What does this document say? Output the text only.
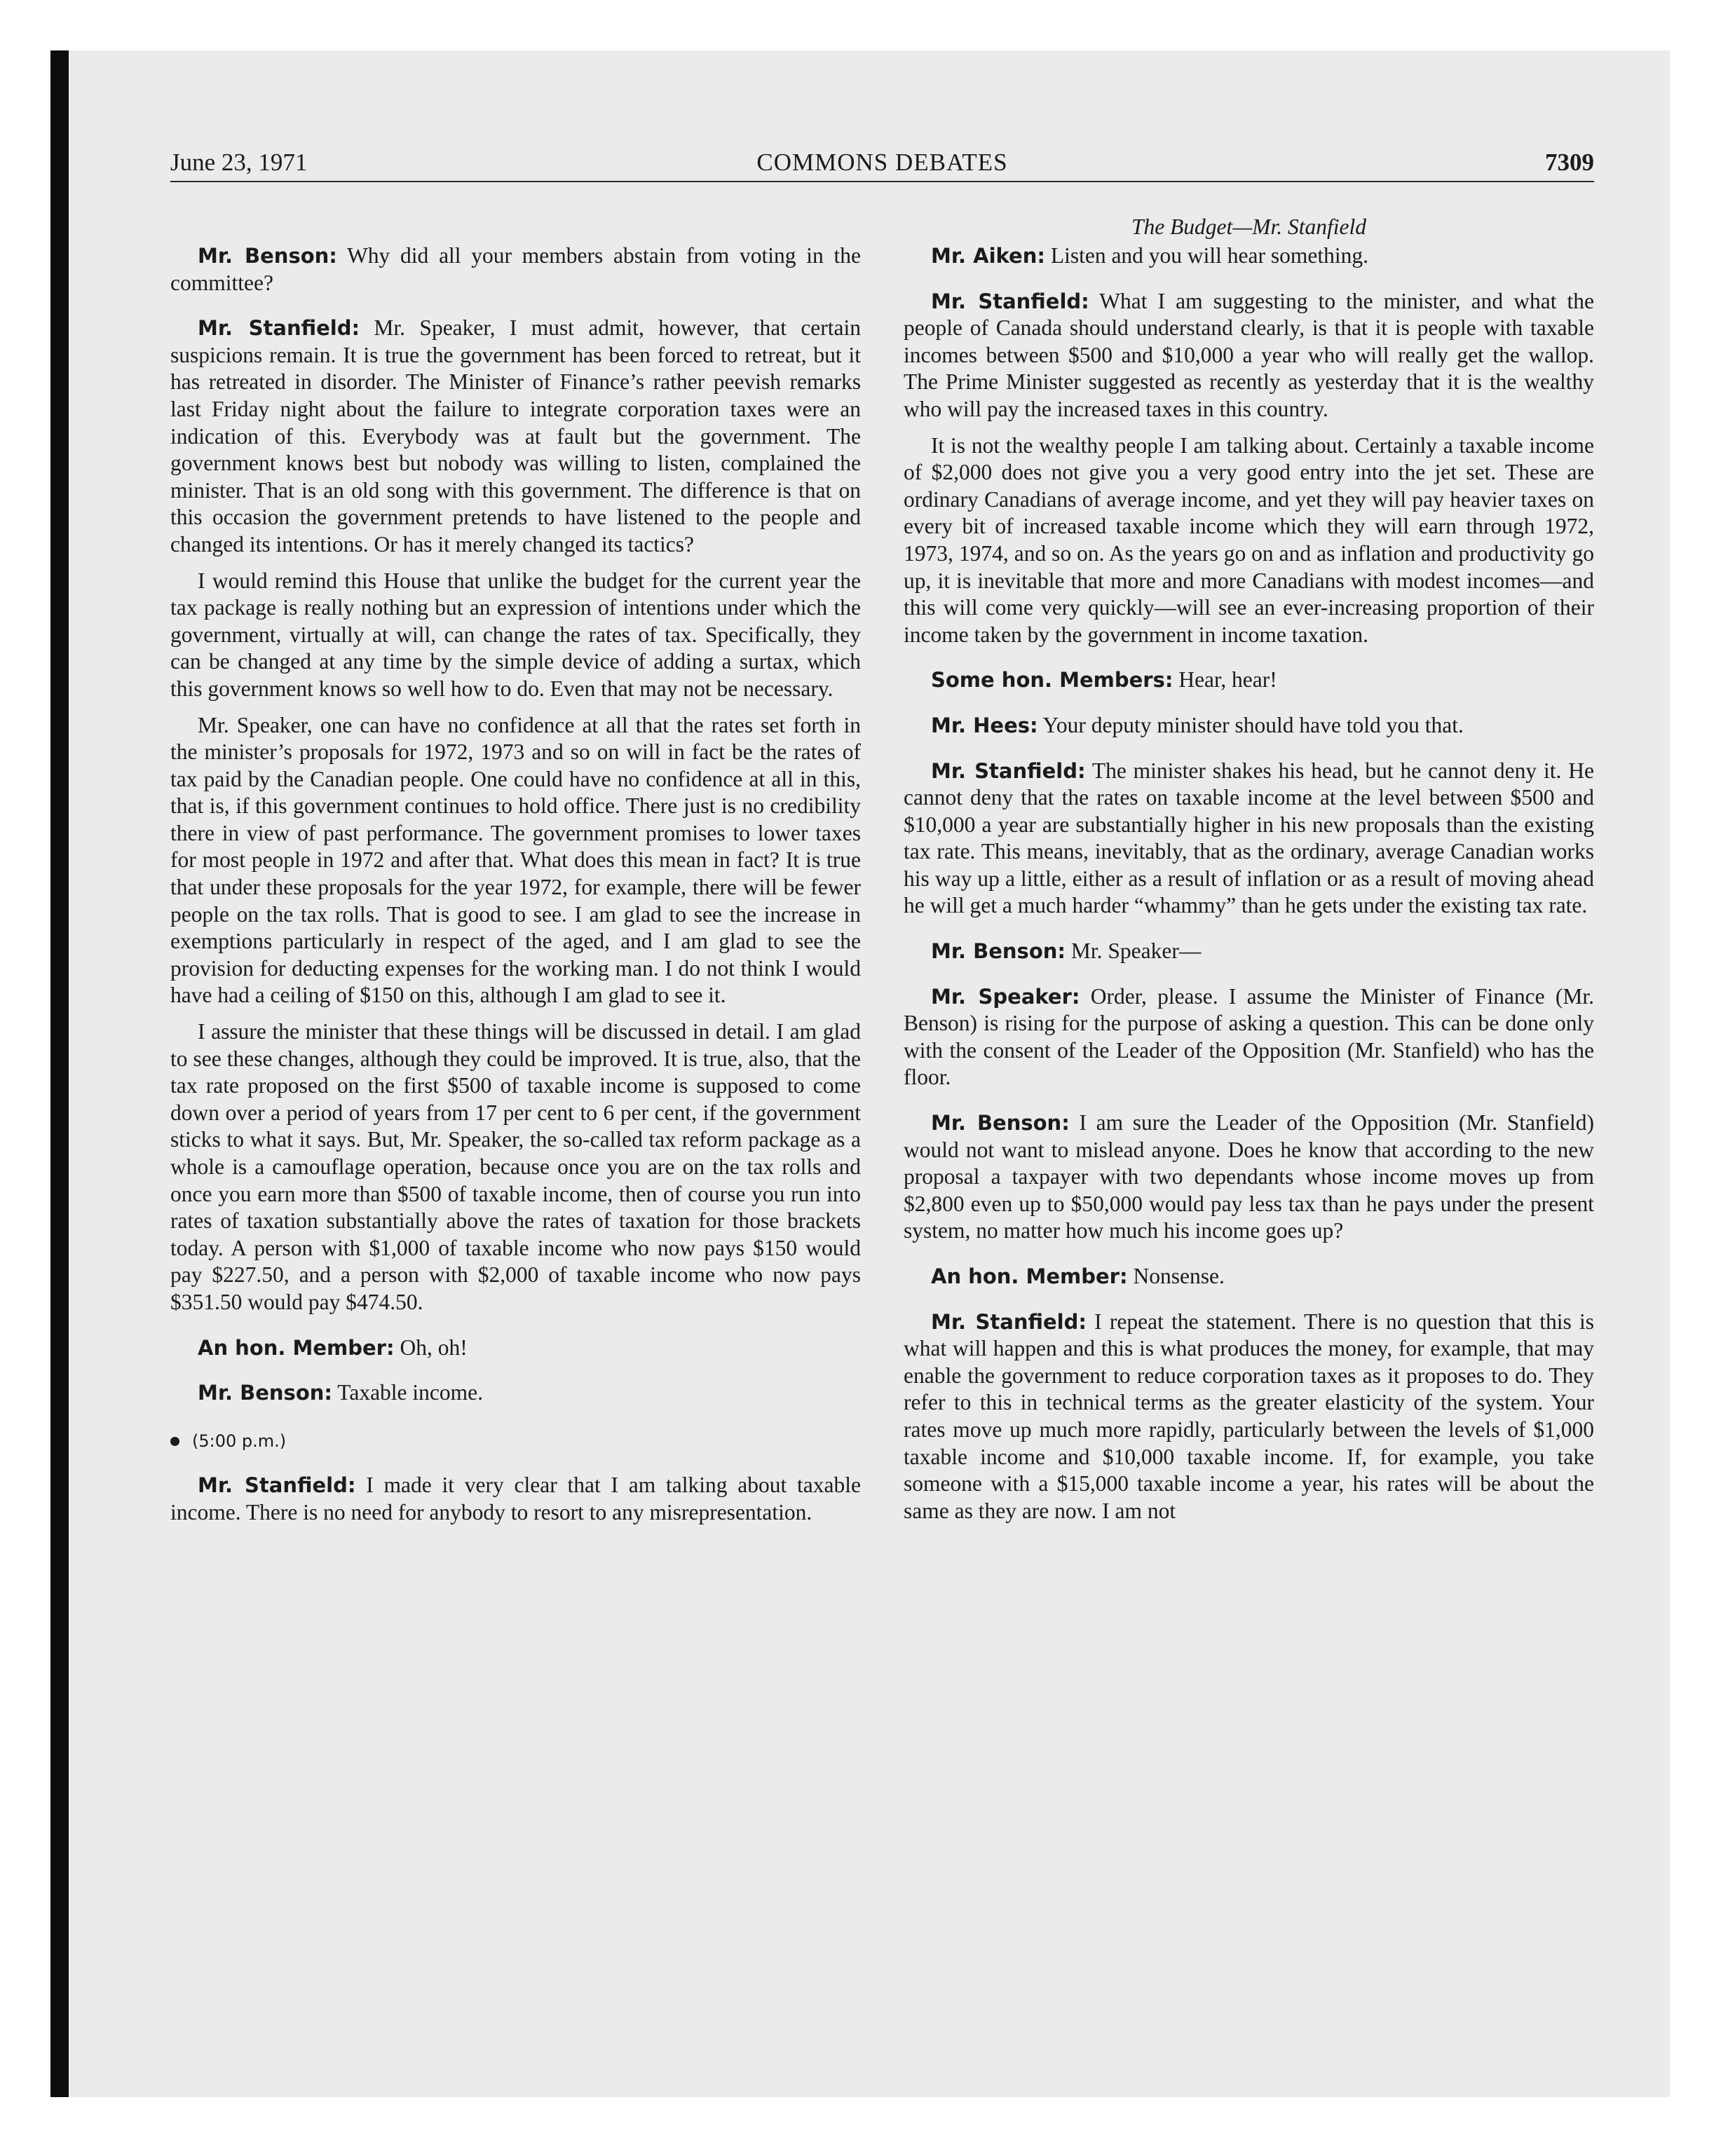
June 23, 1971	COMMONS DEBATES	7309
The Budget—Mr. Stanfield

Mr. Benson: Why did all your members abstain from voting in the committee?

Mr. Stanfield: Mr. Speaker, I must admit, however, that certain suspicions remain. It is true the government has been forced to retreat, but it has retreated in disorder. The Minister of Finance’s rather peevish remarks last Friday night about the failure to integrate corporation taxes were an indication of this. Everybody was at fault but the government. The government knows best but nobody was willing to listen, complained the minister. That is an old song with this government. The difference is that on this occasion the government pretends to have listened to the people and changed its intentions. Or has it merely changed its tactics?

I would remind this House that unlike the budget for the current year the tax package is really nothing but an expression of intentions under which the government, virtually at will, can change the rates of tax. Specifically, they can be changed at any time by the simple device of adding a surtax, which this government knows so well how to do. Even that may not be necessary.

Mr. Speaker, one can have no confidence at all that the rates set forth in the minister’s proposals for 1972, 1973 and so on will in fact be the rates of tax paid by the Canadian people. One could have no confidence at all in this, that is, if this government continues to hold office. There just is no credibility there in view of past performance. The government promises to lower taxes for most people in 1972 and after that. What does this mean in fact? It is true that under these proposals for the year 1972, for example, there will be fewer people on the tax rolls. That is good to see. I am glad to see the increase in exemptions particularly in respect of the aged, and I am glad to see the provision for deducting expenses for the working man. I do not think I would have had a ceiling of $150 on this, although I am glad to see it.

I assure the minister that these things will be discussed in detail. I am glad to see these changes, although they could be improved. It is true, also, that the tax rate proposed on the first $500 of taxable income is supposed to come down over a period of years from 17 per cent to 6 per cent, if the government sticks to what it says. But, Mr. Speaker, the so-called tax reform package as a whole is a camouflage operation, because once you are on the tax rolls and once you earn more than $500 of taxable income, then of course you run into rates of taxation substantially above the rates of taxation for those brackets today. A person with $1,000 of taxable income who now pays $150 would pay $227.50, and a person with $2,000 of taxable income who now pays $351.50 would pay $474.50.

An hon. Member: Oh, oh!

Mr. Benson: Taxable income.

(5:00 p.m.)

Mr. Stanfield: I made it very clear that I am talking about taxable income. There is no need for anybody to resort to any misrepresentation.

Mr. Aiken: Listen and you will hear something.

Mr. Stanfield: What I am suggesting to the minister, and what the people of Canada should understand clearly, is that it is people with taxable incomes between $500 and $10,000 a year who will really get the wallop. The Prime Minister suggested as recently as yesterday that it is the wealthy who will pay the increased taxes in this country.

It is not the wealthy people I am talking about. Certainly a taxable income of $2,000 does not give you a very good entry into the jet set. These are ordinary Canadians of average income, and yet they will pay heavier taxes on every bit of increased taxable income which they will earn through 1972, 1973, 1974, and so on. As the years go on and as inflation and productivity go up, it is inevitable that more and more Canadians with modest incomes—and this will come very quickly—will see an ever-increasing proportion of their income taken by the government in income taxation.

Some hon. Members: Hear, hear!

Mr. Hees: Your deputy minister should have told you that.

Mr. Stanfield: The minister shakes his head, but he cannot deny it. He cannot deny that the rates on taxable income at the level between $500 and $10,000 a year are substantially higher in his new proposals than the existing tax rate. This means, inevitably, that as the ordinary, average Canadian works his way up a little, either as a result of inflation or as a result of moving ahead he will get a much harder “whammy” than he gets under the existing tax rate.

Mr. Benson: Mr. Speaker—

Mr. Speaker: Order, please. I assume the Minister of Finance (Mr. Benson) is rising for the purpose of asking a question. This can be done only with the consent of the Leader of the Opposition (Mr. Stanfield) who has the floor.

Mr. Benson: I am sure the Leader of the Opposition (Mr. Stanfield) would not want to mislead anyone. Does he know that according to the new proposal a taxpayer with two dependants whose income moves up from $2,800 even up to $50,000 would pay less tax than he pays under the present system, no matter how much his income goes up?

An hon. Member: Nonsense.

Mr. Stanfield: I repeat the statement. There is no question that this is what will happen and this is what produces the money, for example, that may enable the government to reduce corporation taxes as it proposes to do. They refer to this in technical terms as the greater elasticity of the system. Your rates move up much more rapidly, particularly between the levels of $1,000 taxable income and $10,000 taxable income. If, for example, you take someone with a $15,000 taxable income a year, his rates will be about the same as they are now. I am not
